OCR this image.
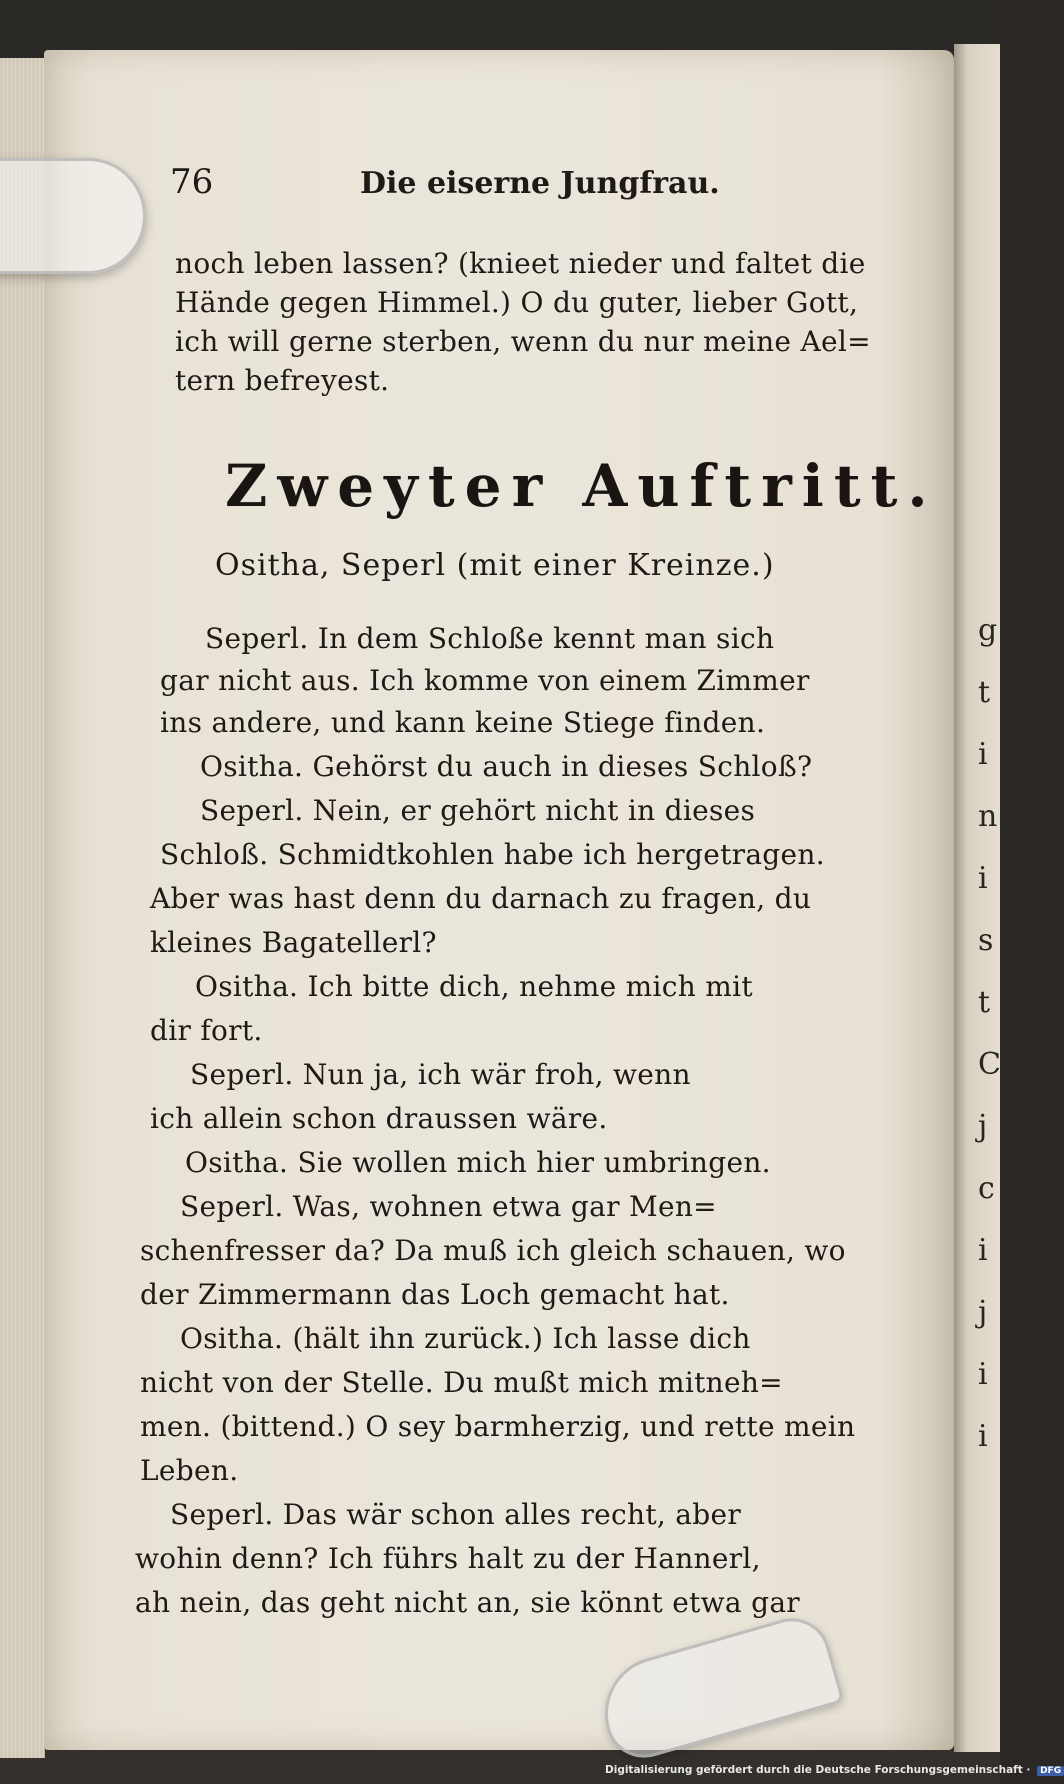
g
t
i
n
i
s
t
C
j
c
i
j
i
i
76	Die eiserne Jungfrau.
noch leben lassen? (knieet nieder und faltet die
Hände gegen Himmel.) O du guter, lieber Gott,
ich will gerne sterben, wenn du nur meine Ael=
tern befreyest.
Zweyter Auftritt.
Ositha, Seperl (mit einer Kreinze.)
Seperl. In dem Schloße kennt man sich
gar nicht aus. Ich komme von einem Zimmer
ins andere, und kann keine Stiege finden.
Ositha. Gehörst du auch in dieses Schloß?
Seperl. Nein, er gehört nicht in dieses
Schloß. Schmidtkohlen habe ich hergetragen.
Aber was hast denn du darnach zu fragen, du
kleines Bagatellerl?
Ositha. Ich bitte dich, nehme mich mit
dir fort.
Seperl. Nun ja, ich wär froh, wenn
ich allein schon draussen wäre.
Ositha. Sie wollen mich hier umbringen.
Seperl. Was, wohnen etwa gar Men=
schenfresser da? Da muß ich gleich schauen, wo
der Zimmermann das Loch gemacht hat.
Ositha. (hält ihn zurück.) Ich lasse dich
nicht von der Stelle. Du mußt mich mitneh=
men. (bittend.) O sey barmherzig, und rette mein
Leben.
Seperl. Das wär schon alles recht, aber
wohin denn? Ich führs halt zu der Hannerl,
ah nein, das geht nicht an, sie könnt etwa gar
Digitalisierung gefördert durch die Deutsche Forschungsgemeinschaft · DFG
